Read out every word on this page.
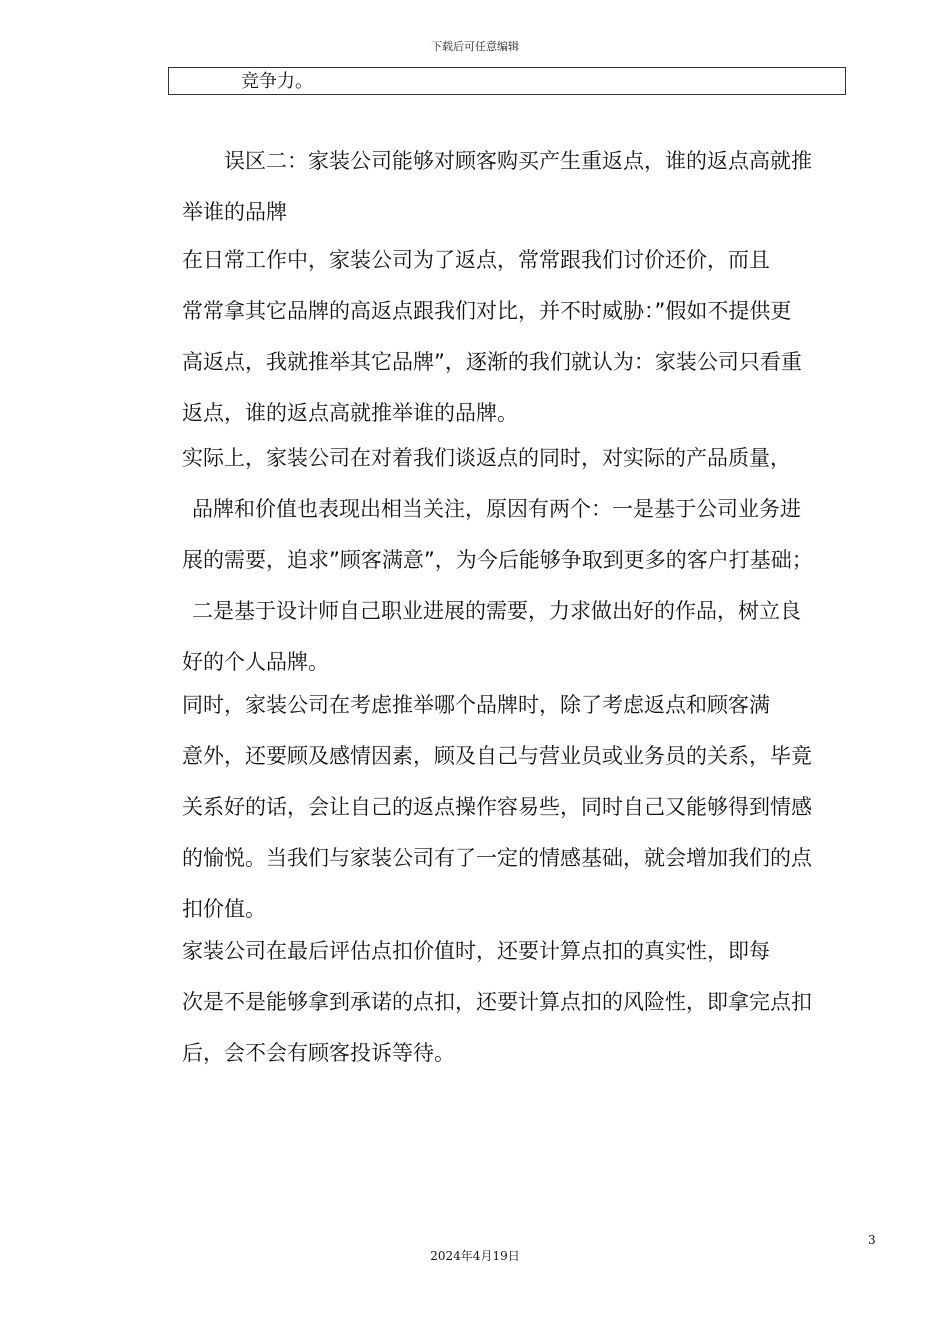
下载后可任意编辑
竞争力。
　　误区二：家装公司能够对顾客购买产生重返点，谁的返点高就推
　　举谁的品牌
　　在日常工作中，家装公司为了返点，常常跟我们讨价还价，而且
常常拿其它品牌的高返点跟我们对比，并不时威胁：”假如不提供更
高返点，我就推举其它品牌”，逐渐的我们就认为：家装公司只看重
返点，谁的返点高就推举谁的品牌。
　　实际上，家装公司在对着我们谈返点的同时，对实际的产品质量，
品牌和价值也表现出相当关注，原因有两个：一是基于公司业务进
展的需要，追求”顾客满意”，为今后能够争取到更多的客户打基础；
二是基于设计师自己职业进展的需要，力求做出好的作品，树立良
好的个人品牌。
　　同时，家装公司在考虑推举哪个品牌时，除了考虑返点和顾客满
意外，还要顾及感情因素，顾及自己与营业员或业务员的关系，毕竟
关系好的话，会让自己的返点操作容易些，同时自己又能够得到情感
的愉悦。当我们与家装公司有了一定的情感基础，就会增加我们的点
扣价值。
　　家装公司在最后评估点扣价值时，还要计算点扣的真实性，即每
次是不是能够拿到承诺的点扣，还要计算点扣的风险性，即拿完点扣
后，会不会有顾客投诉等待。
3
2024年4月19日
